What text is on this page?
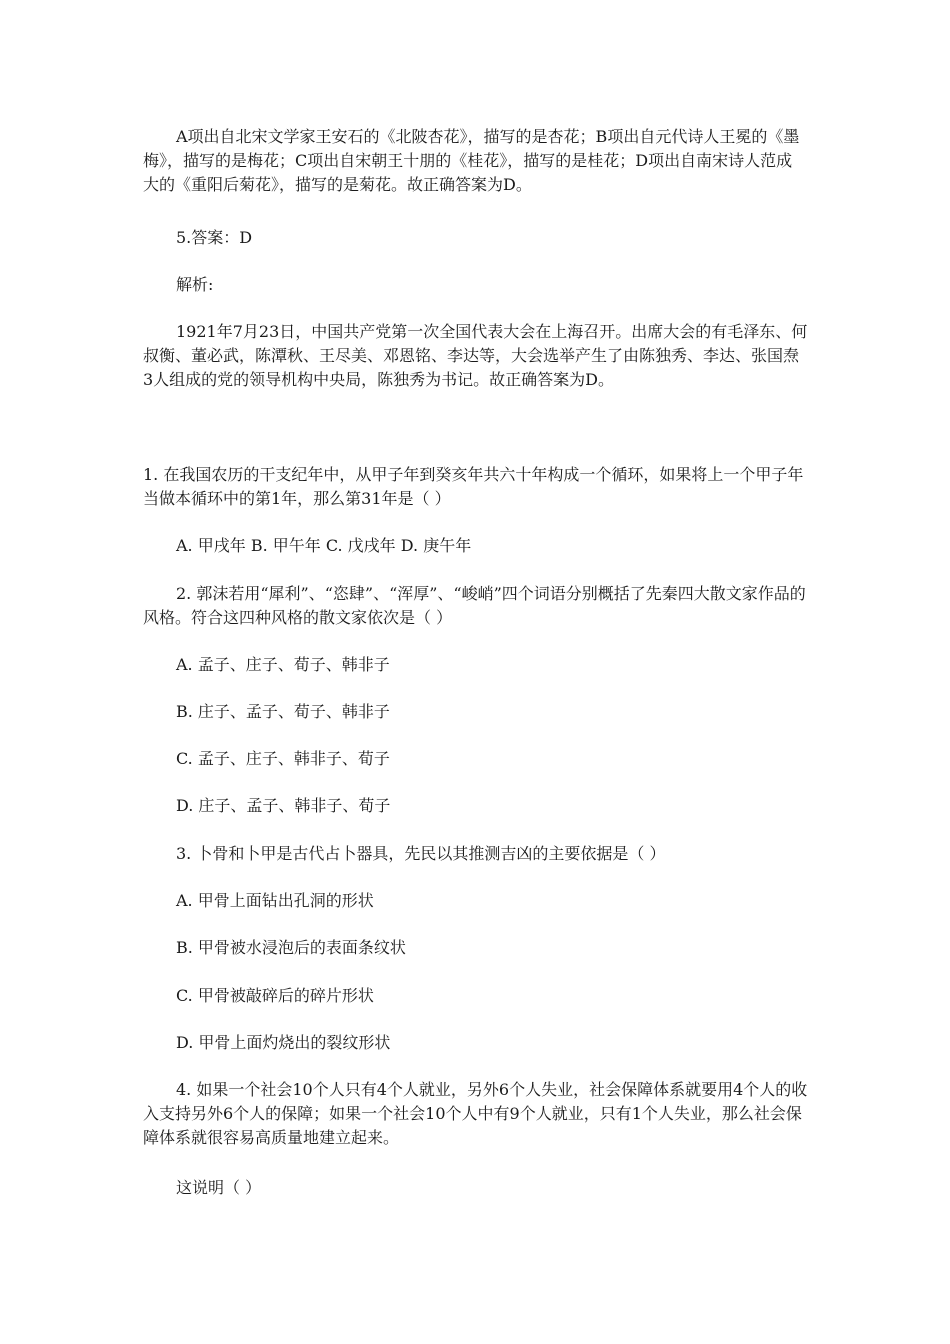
A项出自北宋文学家王安石的《北陂杏花》，描写的是杏花；B项出自元代诗人王冕的《墨梅》，描写的是梅花；C项出自宋朝王十朋的《桂花》，描写的是桂花；D项出自南宋诗人范成大的《重阳后菊花》，描写的是菊花。故正确答案为D。

5.答案：D

解析:

1921年7月23日，中国共产党第一次全国代表大会在上海召开。出席大会的有毛泽东、何叔衡、董必武，陈潭秋、王尽美、邓恩铭、李达等，大会选举产生了由陈独秀、李达、张国焘3人组成的党的领导机构中央局，陈独秀为书记。故正确答案为D。

1. 在我国农历的干支纪年中，从甲子年到癸亥年共六十年构成一个循环，如果将上一个甲子年当做本循环中的第1年，那么第31年是（ ）

A. 甲戌年 B. 甲午年 C. 戊戌年 D. 庚午年

2. 郭沫若用“犀利”、“恣肆”、“浑厚”、“峻峭”四个词语分别概括了先秦四大散文家作品的风格。符合这四种风格的散文家依次是（ ）

A. 孟子、庄子、荀子、韩非子

B. 庄子、孟子、荀子、韩非子

C. 孟子、庄子、韩非子、荀子

D. 庄子、孟子、韩非子、荀子

3. 卜骨和卜甲是古代占卜器具，先民以其推测吉凶的主要依据是（ ）

A. 甲骨上面钻出孔洞的形状

B. 甲骨被水浸泡后的表面条纹状

C. 甲骨被敲碎后的碎片形状

D. 甲骨上面灼烧出的裂纹形状

4. 如果一个社会10个人只有4个人就业，另外6个人失业，社会保障体系就要用4个人的收入支持另外6个人的保障；如果一个社会10个人中有9个人就业，只有1个人失业，那么社会保障体系就很容易高质量地建立起来。

这说明（ ）
